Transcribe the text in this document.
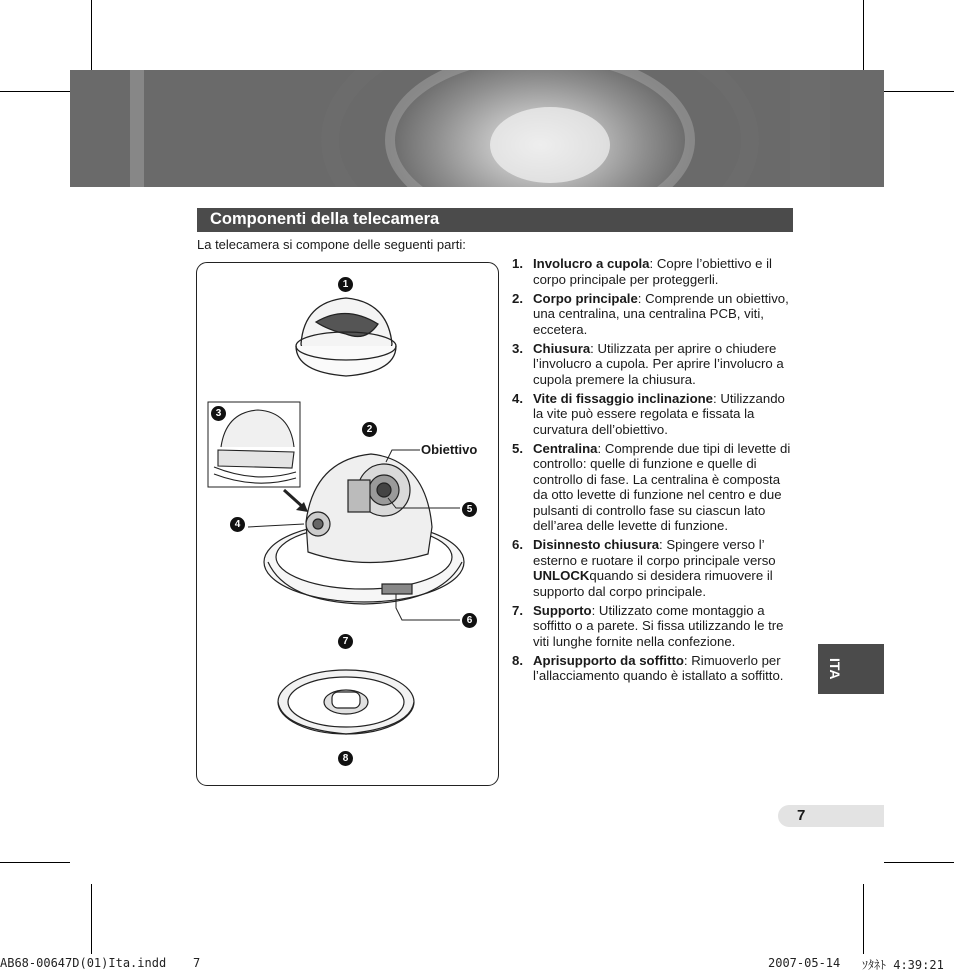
Componenti della telecamera
La telecamera si compone delle seguenti parti:
1
2
3
4
5
6
7
8
Obiettivo
1. Involucro a cupola: Copre l’obiettivo e il corpo principale per proteggerli.
2. Corpo principale: Comprende un obiettivo, una centralina, una centralina PCB, viti, eccetera.
3. Chiusura: Utilizzata per aprire o chiudere l’involucro a cupola. Per aprire l’involucro a cupola premere la chiusura.
4. Vite di fissaggio inclinazione: Utilizzando la vite può essere regolata e fissata la curvatura dell’obiettivo.
5. Centralina: Comprende due tipi di levette di controllo: quelle di funzione e quelle di controllo di fase. La centralina è composta da otto levette di funzione nel centro e due pulsanti di controllo fase su ciascun lato dell’area delle levette di funzione.
6. Disinnesto chiusura: Spingere verso l’ esterno e ruotare il corpo principale verso UNLOCKquando si desidera rimuovere il supporto dal corpo principale.
7. Supporto: Utilizzato come montaggio a soffitto o a parete. Si fissa utilizzando le tre viti lunghe fornite nella confezione.
8. Aprisupporto da soffitto: Rimuoverlo per l’allacciamento quando è istallato a soffitto.	ITA
7
AB68-00647D(01)Ita.indd 7	2007-05-14 ｿﾀﾈﾄ 4:39:21
